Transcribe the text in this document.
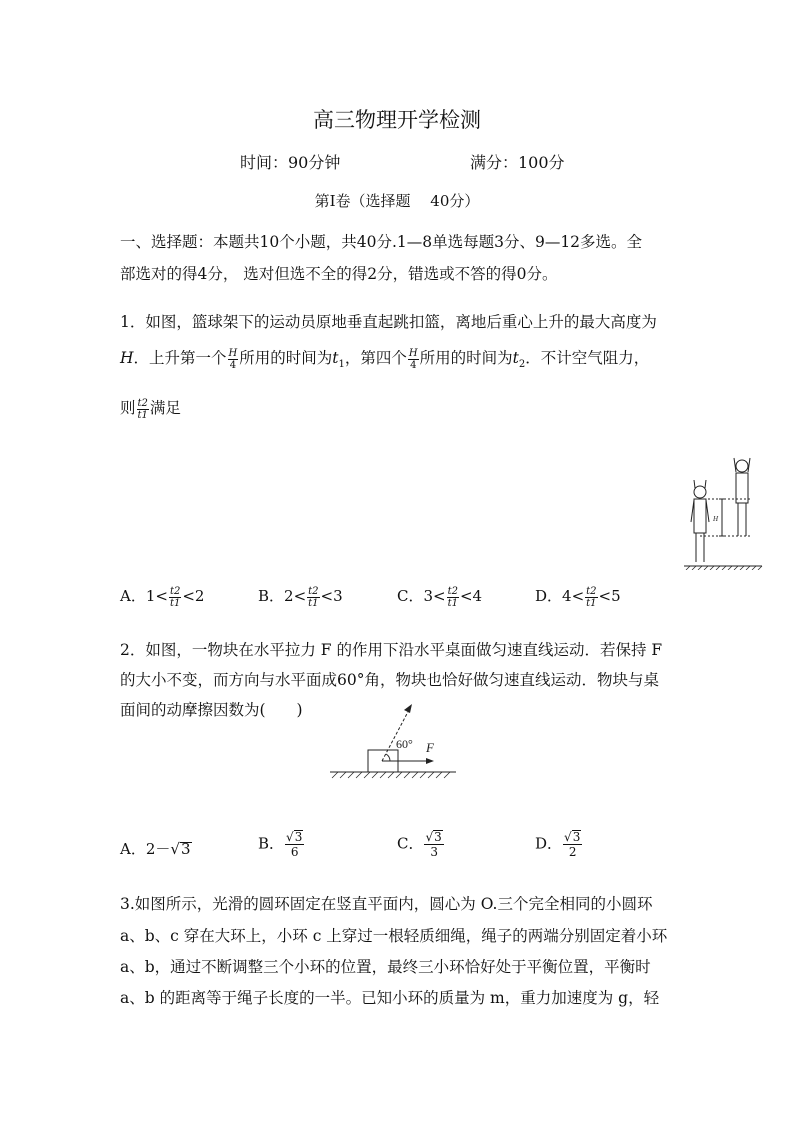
高三物理开学检测
时间：90分钟	满分：100分
第Ⅰ卷（选择题　 40分）
一、选择题：本题共10个小题，共40分.1—8单选每题3分、9—12多选。全
部选对的得4分， 选对但选不全的得2分，错选或不答的得0分。
1．如图，篮球架下的运动员原地垂直起跳扣篮，离地后重心上升的最大高度为
H．上升第一个 $\frac{H}{4}$ 所用的时间为$t_1$，第四个 $\frac{H}{4}$ 所用的时间为$t_2$．不计空气阻力，
则 $\frac{t2}{t1}$ 满足
H
A．$1< \frac{t2}{t1} <2$	B．$2< \frac{t2}{t1} <3$	C．$3< \frac{t2}{t1} <4$	D．$4< \frac{t2}{t1} <5$
2．如图，一物块在水平拉力 F 的作用下沿水平桌面做匀速直线运动．若保持 F
的大小不变，而方向与水平面成60°角，物块也恰好做匀速直线运动．物块与桌
面间的动摩擦因数为(　　)
60° F
A．2－√3	B． $\frac{√3}{6}$	C． $\frac{√3}{3}$	D． $\frac{√3}{2}$
3.如图所示，光滑的圆环固定在竖直平面内，圆心为 O.三个完全相同的小圆环
a、b、c 穿在大环上，小环 c 上穿过一根轻质细绳，绳子的两端分别固定着小环
a、b，通过不断调整三个小环的位置，最终三小环恰好处于平衡位置，平衡时
a、b 的距离等于绳子长度的一半。已知小环的质量为 m，重力加速度为 g，轻
